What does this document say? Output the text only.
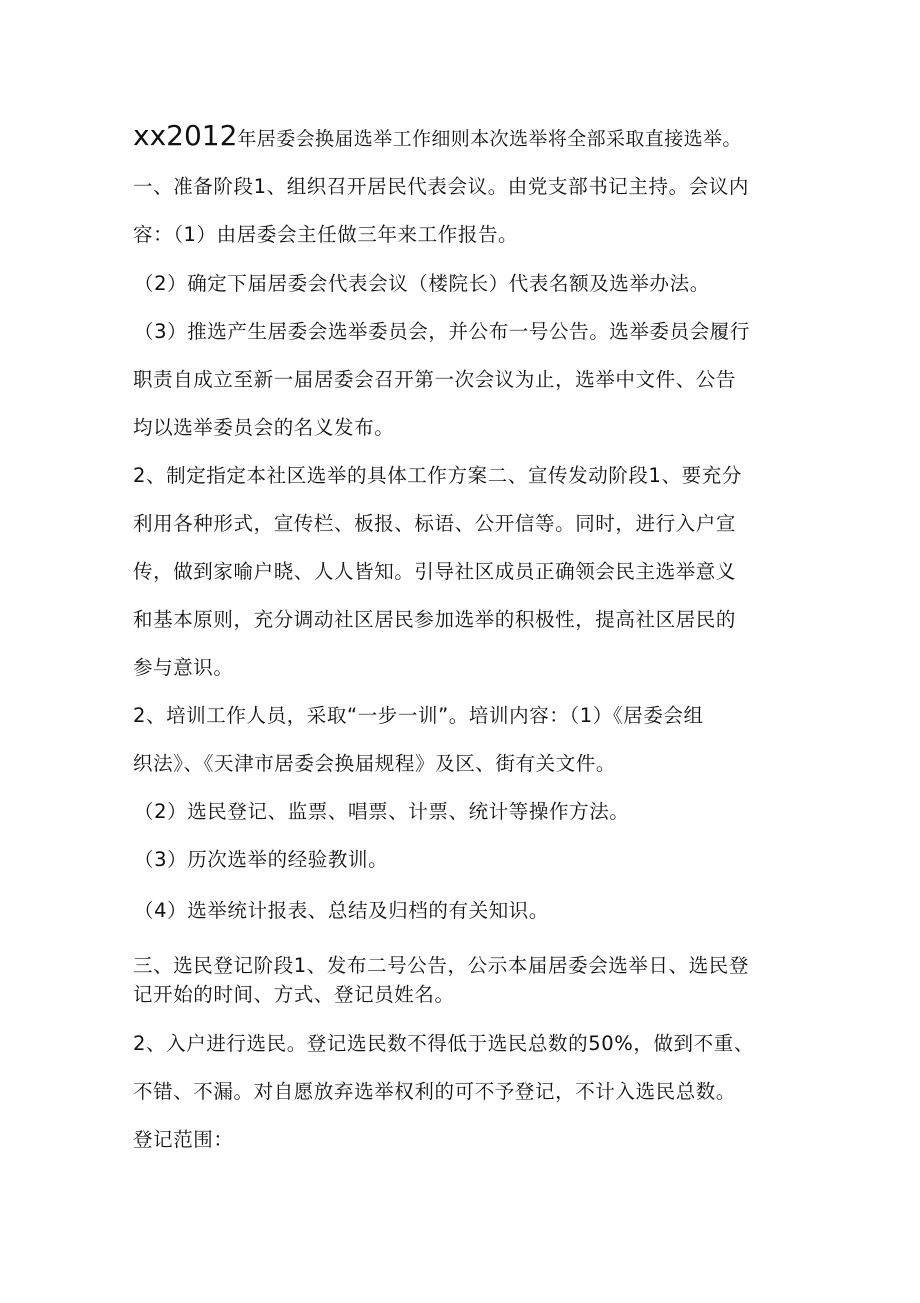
xx2012年居委会换届选举工作细则本次选举将全部采取直接选举。
一、准备阶段1、组织召开居民代表会议。由党支部书记主持。会议内
容：（1）由居委会主任做三年来工作报告。
（2）确定下届居委会代表会议（楼院长）代表名额及选举办法。
（3）推选产生居委会选举委员会，并公布一号公告。选举委员会履行
职责自成立至新一届居委会召开第一次会议为止，选举中文件、公告
均以选举委员会的名义发布。
2、制定指定本社区选举的具体工作方案二、宣传发动阶段1、要充分
利用各种形式，宣传栏、板报、标语、公开信等。同时，进行入户宣
传，做到家喻户晓、人人皆知。引导社区成员正确领会民主选举意义
和基本原则，充分调动社区居民参加选举的积极性，提高社区居民的
参与意识。
2、培训工作人员，采取“一步一训”。培训内容：（1）《居委会组
织法》、《天津市居委会换届规程》及区、街有关文件。
（2）选民登记、监票、唱票、计票、统计等操作方法。
（3）历次选举的经验教训。
（4）选举统计报表、总结及归档的有关知识。
三、选民登记阶段1、发布二号公告，公示本届居委会选举日、选民登
记开始的时间、方式、登记员姓名。
2、入户进行选民。登记选民数不得低于选民总数的50%，做到不重、
不错、不漏。对自愿放弃选举权利的可不予登记，不计入选民总数。
登记范围：
